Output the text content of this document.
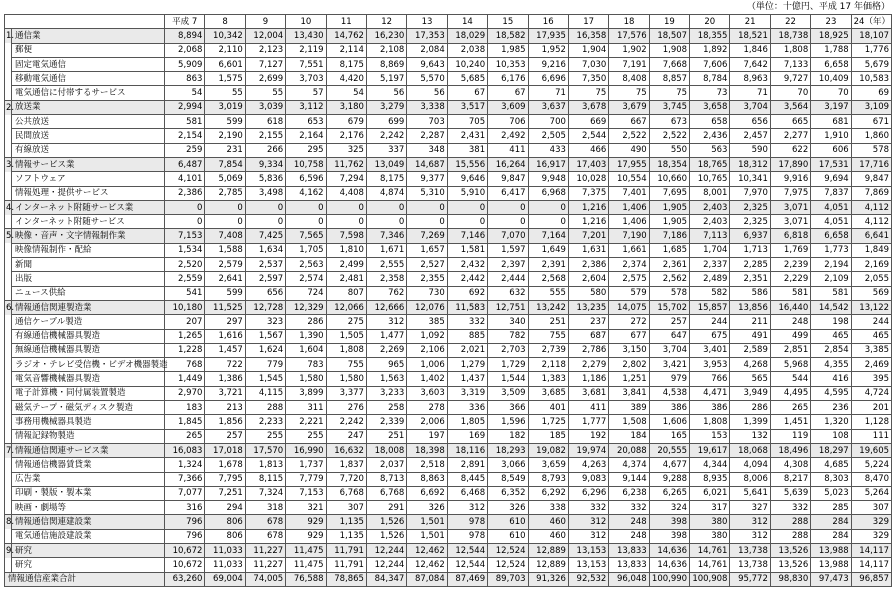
（単位：十億円、平成 17 年価格）
		平成 7	8	9	10	11	12	13	14	15	16	17	18	19	20	21	22	23	24（年）
1.	通信業	8,894	10,342	12,004	13,430	14,762	16,230	17,353	18,029	18,582	17,935	16,358	17,576	18,507	18,355	18,521	18,738	18,925	18,107
	郵便	2,068	2,110	2,123	2,119	2,114	2,108	2,084	2,038	1,985	1,952	1,904	1,902	1,908	1,892	1,846	1,808	1,788	1,776
	固定電気通信	5,909	6,601	7,127	7,551	8,175	8,869	9,643	10,240	10,353	9,216	7,030	7,191	7,668	7,606	7,642	7,133	6,658	5,679
	移動電気通信	863	1,575	2,699	3,703	4,420	5,197	5,570	5,685	6,176	6,696	7,350	8,408	8,857	8,784	8,963	9,727	10,409	10,583
	電気通信に付帯するサービス	54	55	55	57	54	56	56	67	67	71	75	75	75	73	71	70	70	69
2.	放送業	2,994	3,019	3,039	3,112	3,180	3,279	3,338	3,517	3,609	3,637	3,678	3,679	3,745	3,658	3,704	3,564	3,197	3,109
	公共放送	581	599	618	653	679	699	703	705	706	700	669	667	673	658	656	665	681	671
	民間放送	2,154	2,190	2,155	2,164	2,176	2,242	2,287	2,431	2,492	2,505	2,544	2,522	2,522	2,436	2,457	2,277	1,910	1,860
	有線放送	259	231	266	295	325	337	348	381	411	433	466	490	550	563	590	622	606	578
3.	情報サービス業	6,487	7,854	9,334	10,758	11,762	13,049	14,687	15,556	16,264	16,917	17,403	17,955	18,354	18,765	18,312	17,890	17,531	17,716
	ソフトウェア	4,101	5,069	5,836	6,596	7,294	8,175	9,377	9,646	9,847	9,948	10,028	10,554	10,660	10,765	10,341	9,916	9,694	9,847
	情報処理・提供サービス	2,386	2,785	3,498	4,162	4,408	4,874	5,310	5,910	6,417	6,968	7,375	7,401	7,695	8,001	7,970	7,975	7,837	7,869
4.	インターネット附随サービス業	0	0	0	0	0	0	0	0	0	0	1,216	1,406	1,905	2,403	2,325	3,071	4,051	4,112
	インターネット附随サービス	0	0	0	0	0	0	0	0	0	0	1,216	1,406	1,905	2,403	2,325	3,071	4,051	4,112
5.	映像・音声・文字情報制作業	7,153	7,408	7,425	7,565	7,598	7,346	7,269	7,146	7,070	7,164	7,201	7,190	7,186	7,113	6,937	6,818	6,658	6,641
	映像情報制作・配給	1,534	1,588	1,634	1,705	1,810	1,671	1,657	1,581	1,597	1,649	1,631	1,661	1,685	1,704	1,713	1,769	1,773	1,849
	新聞	2,520	2,579	2,537	2,563	2,499	2,555	2,527	2,432	2,397	2,391	2,386	2,374	2,361	2,337	2,285	2,239	2,194	2,169
	出版	2,559	2,641	2,597	2,574	2,481	2,358	2,355	2,442	2,444	2,568	2,604	2,575	2,562	2,489	2,351	2,229	2,109	2,055
	ニュース供給	541	599	656	724	807	762	730	692	632	555	580	579	578	582	586	581	581	569
6.	情報通信関連製造業	10,180	11,525	12,728	12,329	12,066	12,666	12,076	11,583	12,751	13,242	13,235	14,075	15,702	15,857	13,856	16,440	14,542	13,122
	通信ケーブル製造	207	297	323	286	275	312	385	332	340	251	237	272	257	244	211	248	198	244
	有線通信機械器具製造	1,265	1,616	1,567	1,390	1,505	1,477	1,092	885	782	755	687	677	647	675	491	499	465	465
	無線通信機械器具製造	1,228	1,457	1,624	1,604	1,808	2,269	2,106	2,021	2,703	2,739	2,786	3,150	3,704	3,401	2,589	2,851	2,854	3,385
	ラジオ・テレビ受信機・ビデオ機器製造	768	722	779	783	755	965	1,006	1,279	1,729	2,118	2,279	2,802	3,421	3,953	4,268	5,968	4,355	2,469
	電気音響機械器具製造	1,449	1,386	1,545	1,580	1,580	1,563	1,402	1,437	1,544	1,383	1,186	1,251	979	766	565	544	416	395
	電子計算機・同付属装置製造	2,970	3,721	4,115	3,899	3,377	3,233	3,603	3,319	3,509	3,685	3,681	3,841	4,538	4,471	3,949	4,495	4,595	4,724
	磁気テープ・磁気ディスク製造	183	213	288	311	276	258	278	336	366	401	411	389	386	386	286	265	236	201
	事務用機械器具製造	1,845	1,856	2,233	2,221	2,242	2,339	2,006	1,805	1,596	1,725	1,777	1,508	1,606	1,808	1,399	1,451	1,320	1,128
	情報記録物製造	265	257	255	255	247	251	197	169	182	185	192	184	165	153	132	119	108	111
7.	情報通信関連サービス業	16,083	17,018	17,570	16,990	16,632	18,008	18,398	18,116	18,293	19,082	19,974	20,088	20,555	19,617	18,068	18,496	18,297	19,605
	情報通信機器賃貸業	1,324	1,678	1,813	1,737	1,837	2,037	2,518	2,891	3,066	3,659	4,263	4,374	4,677	4,344	4,094	4,308	4,685	5,224
	広告業	7,366	7,795	8,115	7,779	7,720	8,713	8,863	8,445	8,549	8,793	9,083	9,144	9,288	8,935	8,006	8,217	8,303	8,470
	印刷・製版・製本業	7,077	7,251	7,324	7,153	6,768	6,768	6,692	6,468	6,352	6,292	6,296	6,238	6,265	6,021	5,641	5,639	5,023	5,264
	映画・劇場等	316	294	318	321	307	291	326	312	326	338	332	332	324	317	327	332	285	307
8.	情報通信関連建設業	796	806	678	929	1,135	1,526	1,501	978	610	460	312	248	398	380	312	288	284	329
	電気通信施設建設業	796	806	678	929	1,135	1,526	1,501	978	610	460	312	248	398	380	312	288	284	329
9.	研究	10,672	11,033	11,227	11,475	11,791	12,244	12,462	12,544	12,524	12,889	13,153	13,833	14,636	14,761	13,738	13,526	13,988	14,117
	研究	10,672	11,033	11,227	11,475	11,791	12,244	12,462	12,544	12,524	12,889	13,153	13,833	14,636	14,761	13,738	13,526	13,988	14,117
情報通信産業合計		63,260	69,004	74,005	76,588	78,865	84,347	87,084	87,469	89,703	91,326	92,532	96,048	100,990	100,908	95,772	98,830	97,473	96,857
